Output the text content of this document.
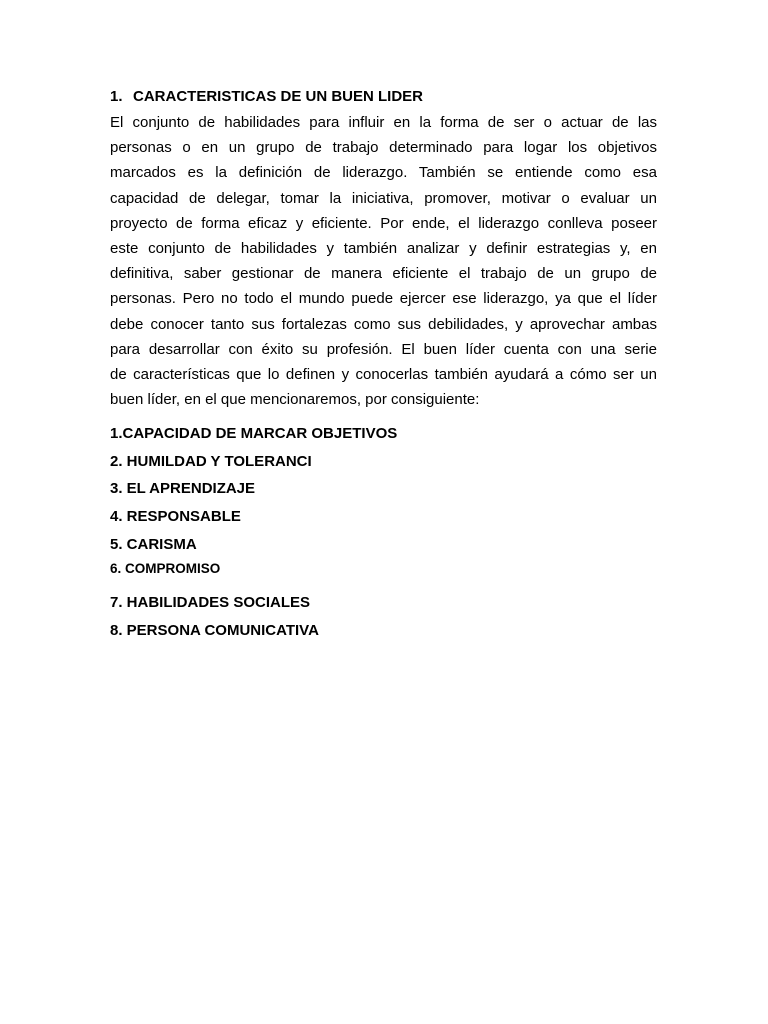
1. CARACTERISTICAS DE UN BUEN LIDER
El conjunto de habilidades para influir en la forma de ser o actuar de las
personas o en un grupo de trabajo determinado para logar los objetivos
marcados es la definición de liderazgo. También se entiende como esa
capacidad de delegar, tomar la iniciativa, promover, motivar o evaluar un
proyecto de forma eficaz y eficiente. Por ende, el liderazgo conlleva poseer
este conjunto de habilidades y también analizar y definir estrategias y, en
definitiva, saber gestionar de manera eficiente el trabajo de un grupo de
personas. Pero no todo el mundo puede ejercer ese liderazgo, ya que el líder
debe conocer tanto sus fortalezas como sus debilidades, y aprovechar ambas
para desarrollar con éxito su profesión. El buen líder cuenta con una serie
de características que lo definen y conocerlas también ayudará a cómo ser un
buen líder, en el que mencionaremos, por consiguiente:

1.CAPACIDAD DE MARCAR OBJETIVOS

2. HUMILDAD Y TOLERANCI

3. EL APRENDIZAJE

4. RESPONSABLE

5. CARISMA

6. COMPROMISO

7. HABILIDADES SOCIALES

8. PERSONA COMUNICATIVA
